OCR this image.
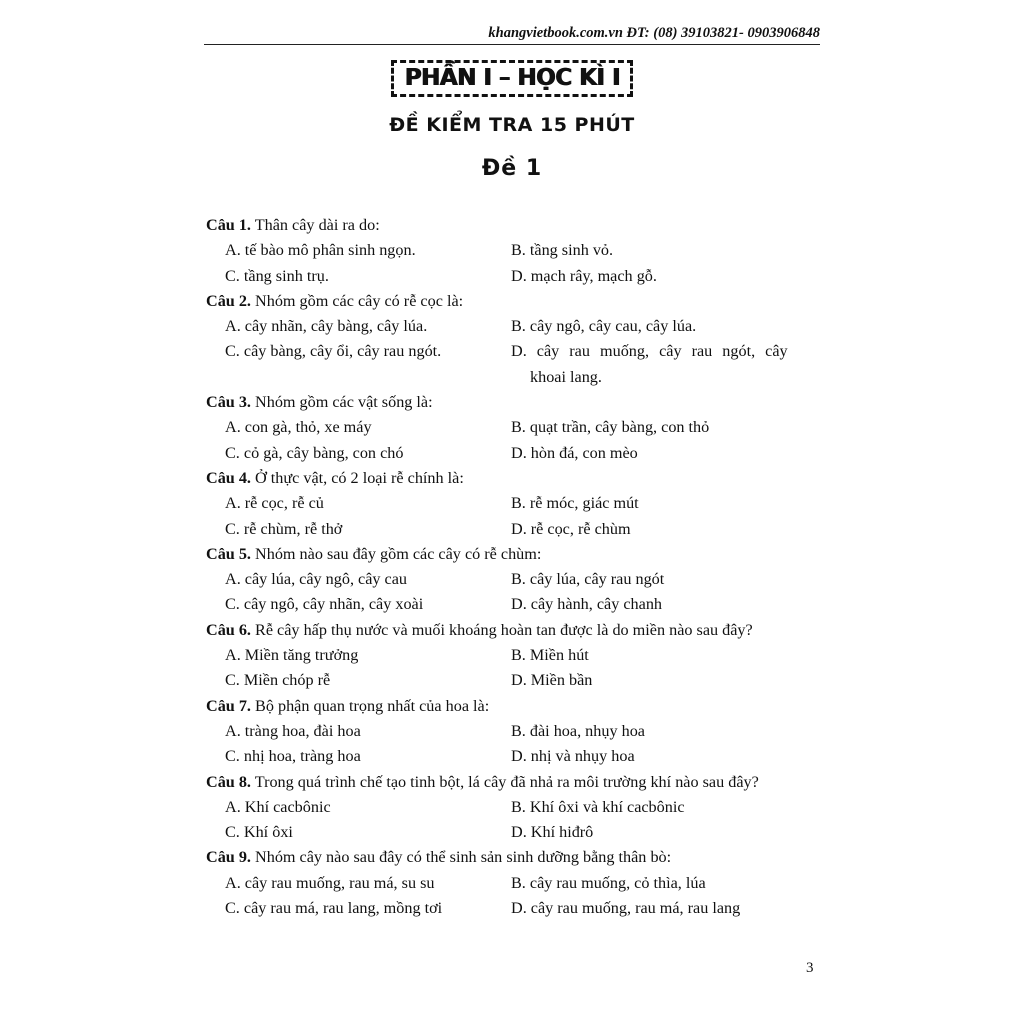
khangvietbook.com.vn ĐT: (08) 39103821- 0903906848
PHẦN I – HỌC KÌ I
ĐỀ KIỂM TRA 15 PHÚT
Đề 1
Câu 1. Thân cây dài ra do:
A. tế bào mô phân sinh ngọn.	B. tầng sinh vỏ.
C. tầng sinh trụ.	D. mạch rây, mạch gỗ.
Câu 2. Nhóm gồm các cây có rễ cọc là:
A. cây nhãn, cây bàng, cây lúa.	B. cây ngô, cây cau, cây lúa.
C. cây bàng, cây ổi, cây rau ngót.	D. cây rau muống, cây rau ngót, cây
khoai lang.
Câu 3. Nhóm gồm các vật sống là:
A. con gà, thỏ, xe máy	B. quạt trần, cây bàng, con thỏ
C. cỏ gà, cây bàng, con chó	D. hòn đá, con mèo
Câu 4. Ở thực vật, có 2 loại rễ chính là:
A. rễ cọc, rễ củ	B. rễ móc, giác mút
C. rễ chùm, rễ thở	D. rễ cọc, rễ chùm
Câu 5. Nhóm nào sau đây gồm các cây có rễ chùm:
A. cây lúa, cây ngô, cây cau	B. cây lúa, cây rau ngót
C. cây ngô, cây nhãn, cây xoài	D. cây hành, cây chanh
Câu 6. Rễ cây hấp thụ nước và muối khoáng hoàn tan được là do miền nào sau đây?
A. Miền tăng trưởng	B. Miền hút
C. Miền chóp rễ	D. Miền bần
Câu 7. Bộ phận quan trọng nhất của hoa là:
A. tràng hoa, đài hoa	B. đài hoa, nhụy hoa
C. nhị hoa, tràng hoa	D. nhị và nhụy hoa
Câu 8. Trong quá trình chế tạo tinh bột, lá cây đã nhả ra môi trường khí nào sau đây?
A. Khí cacbônic	B. Khí ôxi và khí cacbônic
C. Khí ôxi	D. Khí hiđrô
Câu 9. Nhóm cây nào sau đây có thể sinh sản sinh dưỡng bằng thân bò:
A. cây rau muống, rau má, su su	B. cây rau muống, cỏ thìa, lúa
C. cây rau má, rau lang, mồng tơi	D. cây rau muống, rau má, rau lang
3
